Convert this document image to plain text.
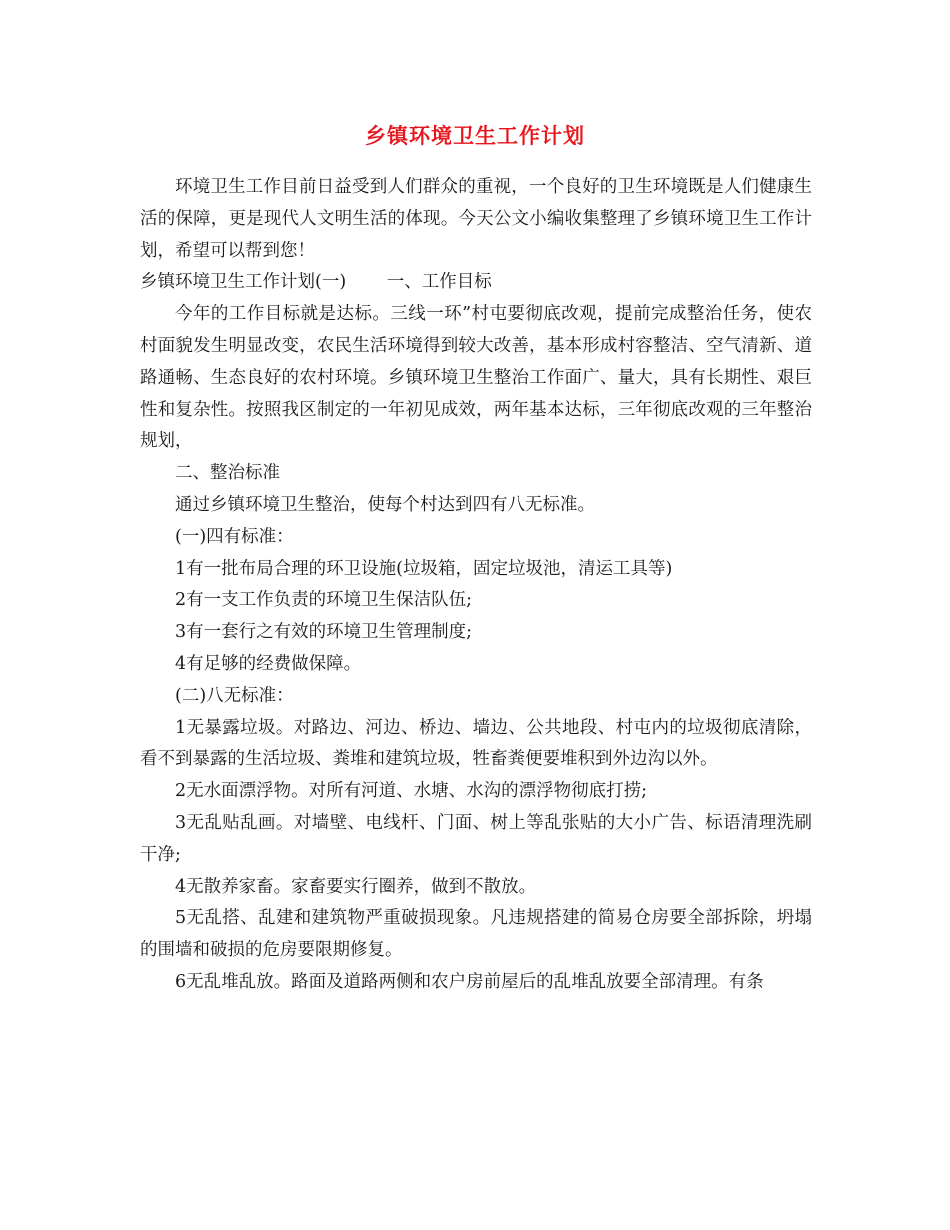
乡镇环境卫生工作计划

环境卫生工作目前日益受到人们群众的重视，一个良好的卫生环境既是人们健康生活的保障，更是现代人文明生活的体现。今天公文小编收集整理了乡镇环境卫生工作计划，希望可以帮到您！

乡镇环境卫生工作计划(一)　　 一、工作目标

今年的工作目标就是达标。三线一环”村屯要彻底改观，提前完成整治任务，使农村面貌发生明显改变，农民生活环境得到较大改善，基本形成村容整洁、空气清新、道路通畅、生态良好的农村环境。乡镇环境卫生整治工作面广、量大，具有长期性、艰巨性和复杂性。按照我区制定的一年初见成效，两年基本达标，三年彻底改观的三年整治规划，

二、整治标准

通过乡镇环境卫生整治，使每个村达到四有八无标准。

(一)四有标准：

1有一批布局合理的环卫设施(垃圾箱，固定垃圾池，清运工具等)

2有一支工作负责的环境卫生保洁队伍;

3有一套行之有效的环境卫生管理制度;

4有足够的经费做保障。

(二)八无标准：

1无暴露垃圾。对路边、河边、桥边、墙边、公共地段、村屯内的垃圾彻底清除，看不到暴露的生活垃圾、粪堆和建筑垃圾，牲畜粪便要堆积到外边沟以外。

2无水面漂浮物。对所有河道、水塘、水沟的漂浮物彻底打捞;

3无乱贴乱画。对墙壁、电线杆、门面、树上等乱张贴的大小广告、标语清理洗刷干净;

4无散养家畜。家畜要实行圈养，做到不散放。

5无乱搭、乱建和建筑物严重破损现象。凡违规搭建的简易仓房要全部拆除，坍塌的围墙和破损的危房要限期修复。

6无乱堆乱放。路面及道路两侧和农户房前屋后的乱堆乱放要全部清理。有条
